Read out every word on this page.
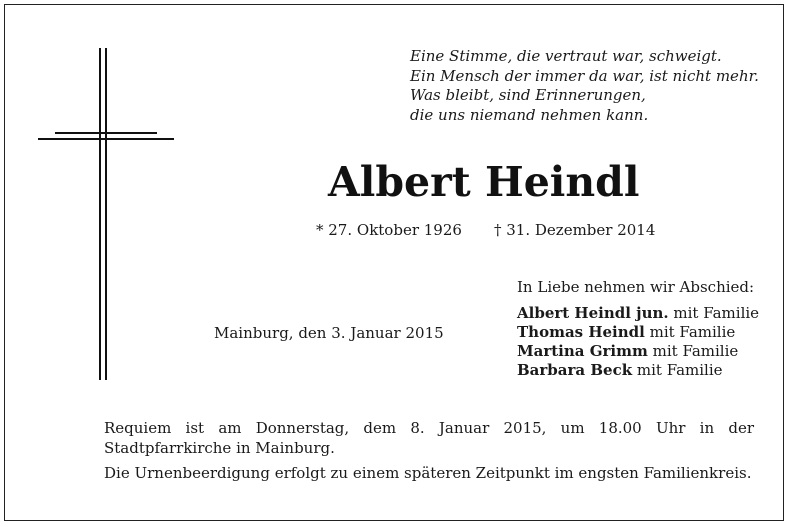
Eine Stimme, die vertraut war, schweigt.
Ein Mensch der immer da war, ist nicht mehr.
Was bleibt, sind Erinnerungen,
die uns niemand nehmen kann.
Albert Heindl
* 27. Oktober 1926 † 31. Dezember 2014
In Liebe nehmen wir Abschied:
Mainburg, den 3. Januar 2015
Albert Heindl jun. mit Familie
Thomas Heindl mit Familie
Martina Grimm mit Familie
Barbara Beck mit Familie
Requiem ist am Donnerstag, dem 8. Januar 2015, um 18.00 Uhr in der Stadtpfarrkirche in Mainburg.
Die Urnenbeerdigung erfolgt zu einem späteren Zeitpunkt im engsten Familienkreis.
